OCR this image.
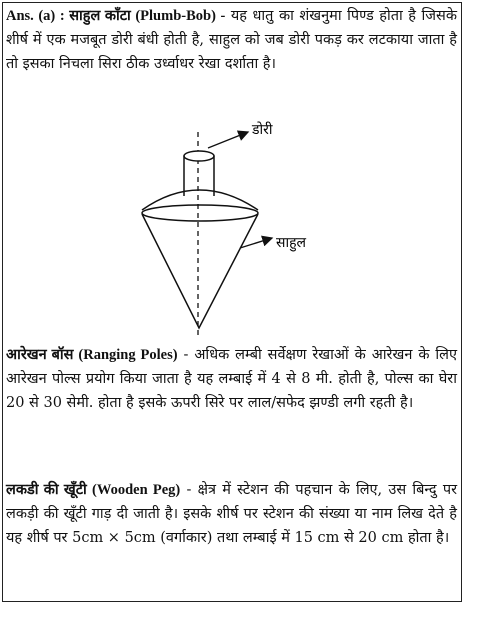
Ans. (a) : साहुल काँटा (Plumb-Bob) - यह धातु का शंखनुमा पिण्ड होता है जिसके शीर्ष में एक मजबूत डोरी बंधी होती है, साहुल को जब डोरी पकड़ कर लटकाया जाता है तो इसका निचला सिरा ठीक उर्ध्वाधर रेखा दर्शाता है।

डोरी
साहुल

आरेखन बॉस (Ranging Poles) - अधिक लम्बी सर्वेक्षण रेखाओं के आरेखन के लिए आरेखन पोल्स प्रयोग किया जाता है यह लम्बाई में 4 से 8 मी. होती है, पोल्स का घेरा 20 से 30 सेमी. होता है इसके ऊपरी सिरे पर लाल/सफेद झण्डी लगी रहती है।

लकडी की खूँटी (Wooden Peg) - क्षेत्र में स्टेशन की पहचान के लिए, उस बिन्दु पर लकड़ी की खूँटी गाड़ दी जाती है। इसके शीर्ष पर स्टेशन की संख्या या नाम लिख देते है यह शीर्ष पर 5cm × 5cm (वर्गाकार) तथा लम्बाई में 15 cm से 20 cm होता है।
